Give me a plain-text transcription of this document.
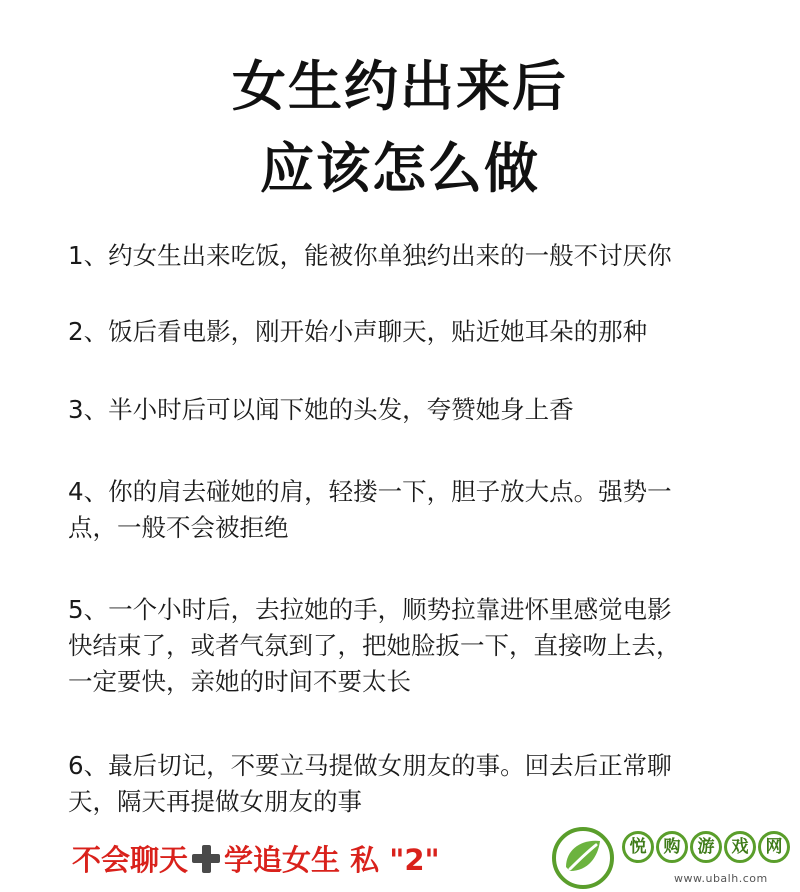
女生约出来后
应该怎么做
1、约女生出来吃饭，能被你单独约出来的一般不讨厌你
2、饭后看电影，刚开始小声聊天，贴近她耳朵的那种
3、半小时后可以闻下她的头发，夸赞她身上香
4、你的肩去碰她的肩，轻搂一下，胆子放大点。强势一
点，一般不会被拒绝
5、一个小时后，去拉她的手，顺势拉靠进怀里感觉电影
快结束了，或者气氛到了，把她脸扳一下，直接吻上去，
一定要快，亲她的时间不要太长
6、最后切记，不要立马提做女朋友的事。回去后正常聊
天，隔天再提做女朋友的事
不会聊天 学追女生 私 "2"	悦	购	游	戏	网
www.ubalh.com
